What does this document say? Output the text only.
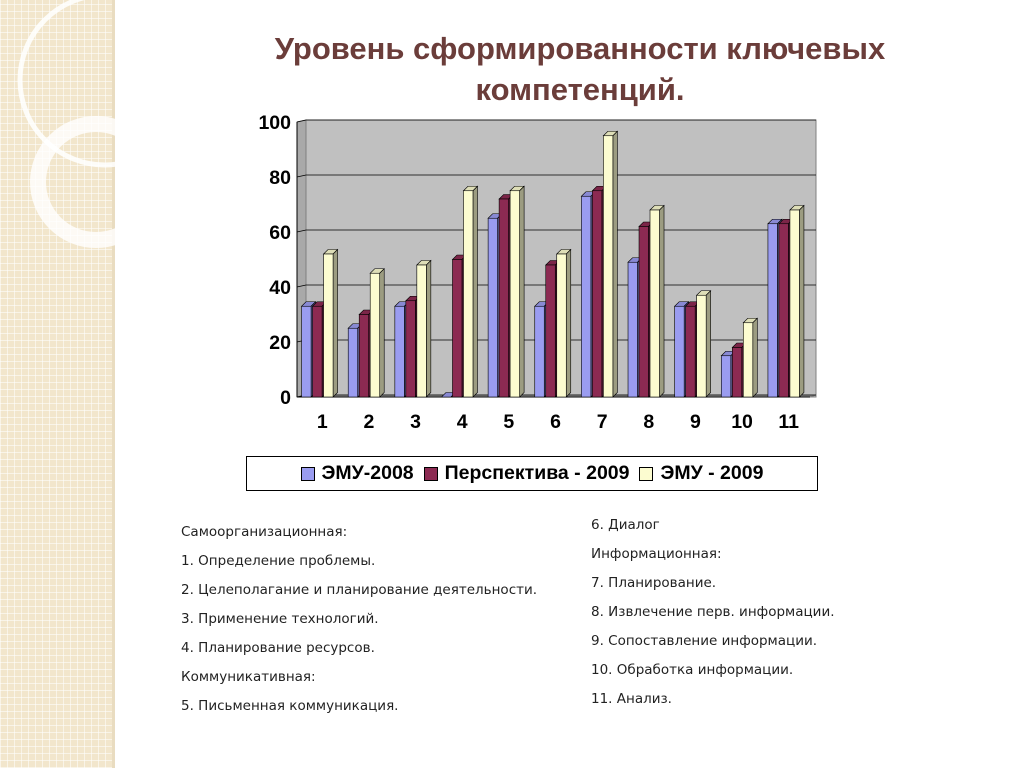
Уровень сформированности ключевых
компетенций.
0
20
40
60
80
100
1 2 3 4 5 6 7 8 9 10 11
ЭМУ-2008 Перспектива - 2009 ЭМУ - 2009
Самоорганизационная:
1. Определение проблемы.
2. Целеполагание и планирование деятельности.
3. Применение технологий.
4. Планирование ресурсов.
Коммуникативная:
5. Письменная коммуникация.
6. Диалог
Информационная:
7. Планирование.
8. Извлечение перв. информации.
9. Сопоставление информации.
10. Обработка информации.
11. Анализ.
